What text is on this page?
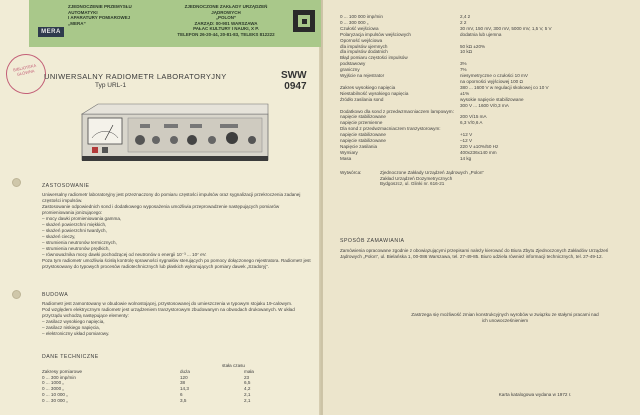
MERA
ZJEDNOCZENIE PRZEMYSŁU
AUTOMATYKI
I APARATURY POMIAROWEJ
„MERA”
ZJEDNOCZONE ZAKŁADY URZĄDZEŃ JĄDROWYCH
„POLON”
ZARZĄD: 00-901 WARSZAWA
PAŁAC KULTURY I NAUKI, X P.
TELEFON 26-20-44, 20-81-83, TELEKS 812222
BIBLIOTEKA GŁÓWNA	UNIWERSALNY RADIOMETR LABORATORYJNY
Typ URL-1
SWW
0947
ZASTOSOWANIE
Uniwersalny radiometr laboratoryjny jest przeznaczony do pomiaru częstości impulsów oraz sygnalizacji przekroczenia zadanej częstości impulsów.
Zastosowanie odpowiednich sond i dodatkowego wyposażenia umożliwia przeprowadzenie następujących pomiarów promieniowania jonizującego:
– mocy dawki promieniowania gamma,
– skażeń powierzchni miękkich,
– skażeń powierzchni twardych,
– skażeń cieczy,
– strumienia neutronów termicznych,
– strumienia neutronów prędkich,
– równoważnika mocy dawki pochodzącej od neutronów o energii 10⁻³ ... 10⁷ eV.
Poza tym radiometr umożliwia ścisłą kontrolę sprawności sygnałów sterujących po pomocy dołączonego rejestratora. Radiometr jest przystosowany do typowych procesów radiotechnicznych lub płaskich wykonujących pomiary dawek „Szadoryj”.
BUDOWA
Radiometr jest zamontowany w obudowie wolnostojącej, przystosowanej do umieszczenia w typowym stojaku 19-calowym.
Pod względem elektrycznym radiometr jest urządzeniem tranzystorowym zbudowanym na obwodach drukowanych. W układ przyrządu wchodzą następujące elementy:
– zasilacz wysokiego napięcia,
– zasilacz niskiego napięcia,
– elektroniczny układ pomiarowy.
DANE TECHNICZNE
		stała czasu	
Zakresy pomiarowe		duża	mała
0 ... 300 imp/min		120	23
0 ... 1000 „		38	6,5
0 ... 3000 „		14,3	4,2
0 ... 10 000 „		6	2,1
0 ... 30 000 „		3,5	2,1
0 ... 100 000 imp/min	2,4 2
0 ... 300 000 „	2 2
Czułość wejściowa	30 mV, 150 mV, 300 mV, 5000 mV, 1,5 V, 5 V
Polaryzacja impulsów wejściowych	dodatnia lub ujemna
Oporność wejściowa
dla impulsów ujemnych	50 kΩ ±20%
dla impulsów dodatnich	10 kΩ
Błąd pomiaru częstości impulsów
podstawowy	3%
graniczny	7%
Wyjście na rejestrator	niesymetryczne o czułości 10 mV
na oporności wyjściowej 100 Ω
Zakres wysokiego napięcia	380 ... 1600 V w regulacji skokowej co 10 V
Niestabilność wysokiego napięcia	±1%
Źródło zasilania sond	wysokie napięcie stabilizowane
300 V ... 1600 V/0,3 mA
Dodatkowo dla sond z przedwzmacniaczem lampowym:
napięcie stabilizowane	200 V/15 mA
napięcie przemienne	6,3 V/0,6 A
Dla sond z przedwzmacniaczem tranzystorowym:
napięcie stabilizowane	+12 V
napięcie stabilizowane	–12 V
Napięcie zasilania	220 V ±10%/50 Hz
Wymiary	400x236x140 mm
Masa	14 kg
Wytwórca:	Zjednoczone Zakłady Urządzeń Jądrowych „Polon”
Zakład Urządzeń Dozymetrycznych
Bydgoszcz, ul. Glinki nr. 616-21
SPOSÓB ZAMAWIANIA
Zamówienia opracowane zgodnie z obowiązującymi przepisami należy kierować do Biura Zbytu Zjednoczonych Zakładów Urządzeń Jądrowych „Polon”, ul. Bielańska 1, 00-086 Warszawa, tel. 27-49-85. Biuro udziela również informacji technicznych, tel. 27-49-12.
Zastrzega się możliwość zmian konstrukcyjnych wyrobów w związku ze stałymi pracami nad ich unowocześnieniem
Karta katalogowa wydana w 1972 r.
